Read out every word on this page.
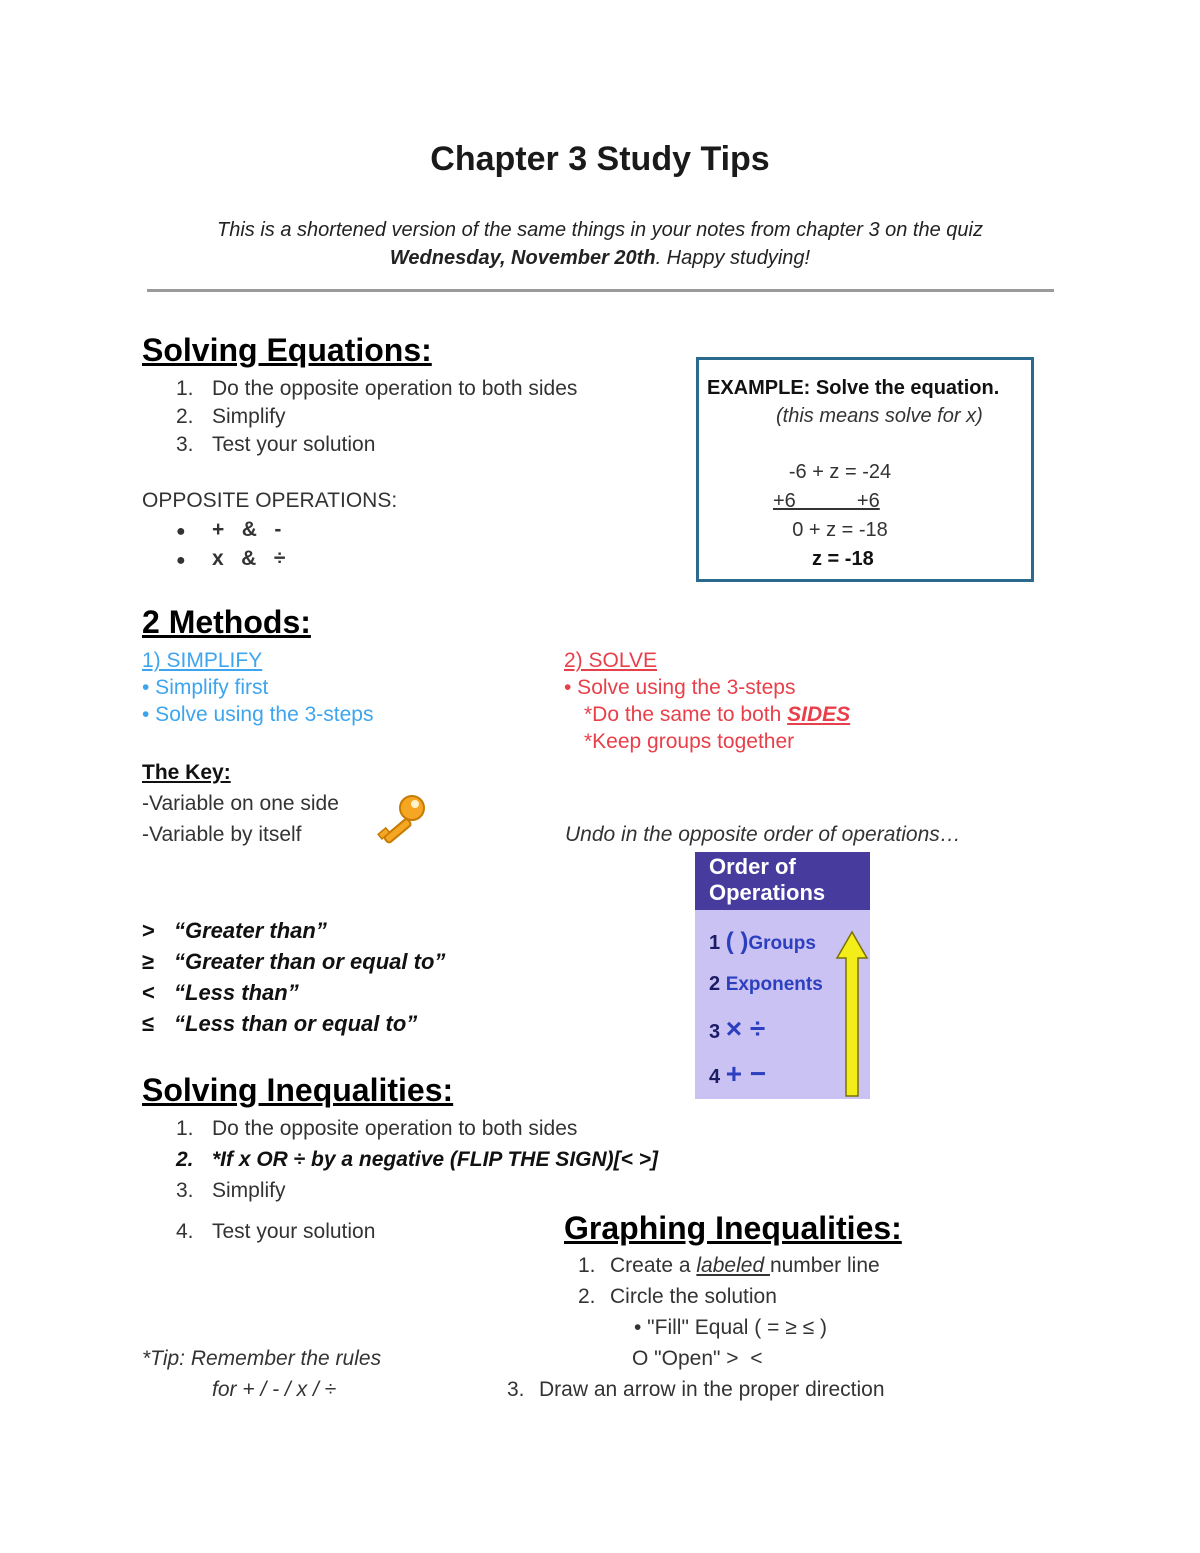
Chapter 3 Study Tips
This is a shortened version of the same things in your notes from chapter 3 on the quiz
Wednesday, November 20th. Happy studying!
Solving Equations:
1. Do the opposite operation to both sides
2. Simplify
3. Test your solution
OPPOSITE OPERATIONS:
● +   &   -
● x   &   ÷
EXAMPLE: Solve the equation.
(this means solve for x)
-6 + z = -24
+6           +6
0 + z = -18
z = -18
2 Methods:
1) SIMPLIFY
• Simplify first
• Solve using the 3-steps
2) SOLVE
• Solve using the 3-steps
*Do the same to both SIDES
*Keep groups together
The Key:
-Variable on one side
-Variable by itself	Undo in the opposite order of operations…
Order of
Operations
1 ( )Groups
2 Exponents
3 × ÷
4 + −
> “Greater than”
≥ “Greater than or equal to”
< “Less than”
≤ “Less than or equal to”
Solving Inequalities:
1. Do the opposite operation to both sides
2. *If x OR ÷ by a negative (FLIP THE SIGN)[< >]
3. Simplify
4. Test your solution	Graphing Inequalities:
1. Create a labeled number line
2. Circle the solution
• "Fill" Equal ( = ≥ ≤ )
O "Open" >  <
3. Draw an arrow in the proper direction
*Tip: Remember the rules
for + / - / x / ÷
